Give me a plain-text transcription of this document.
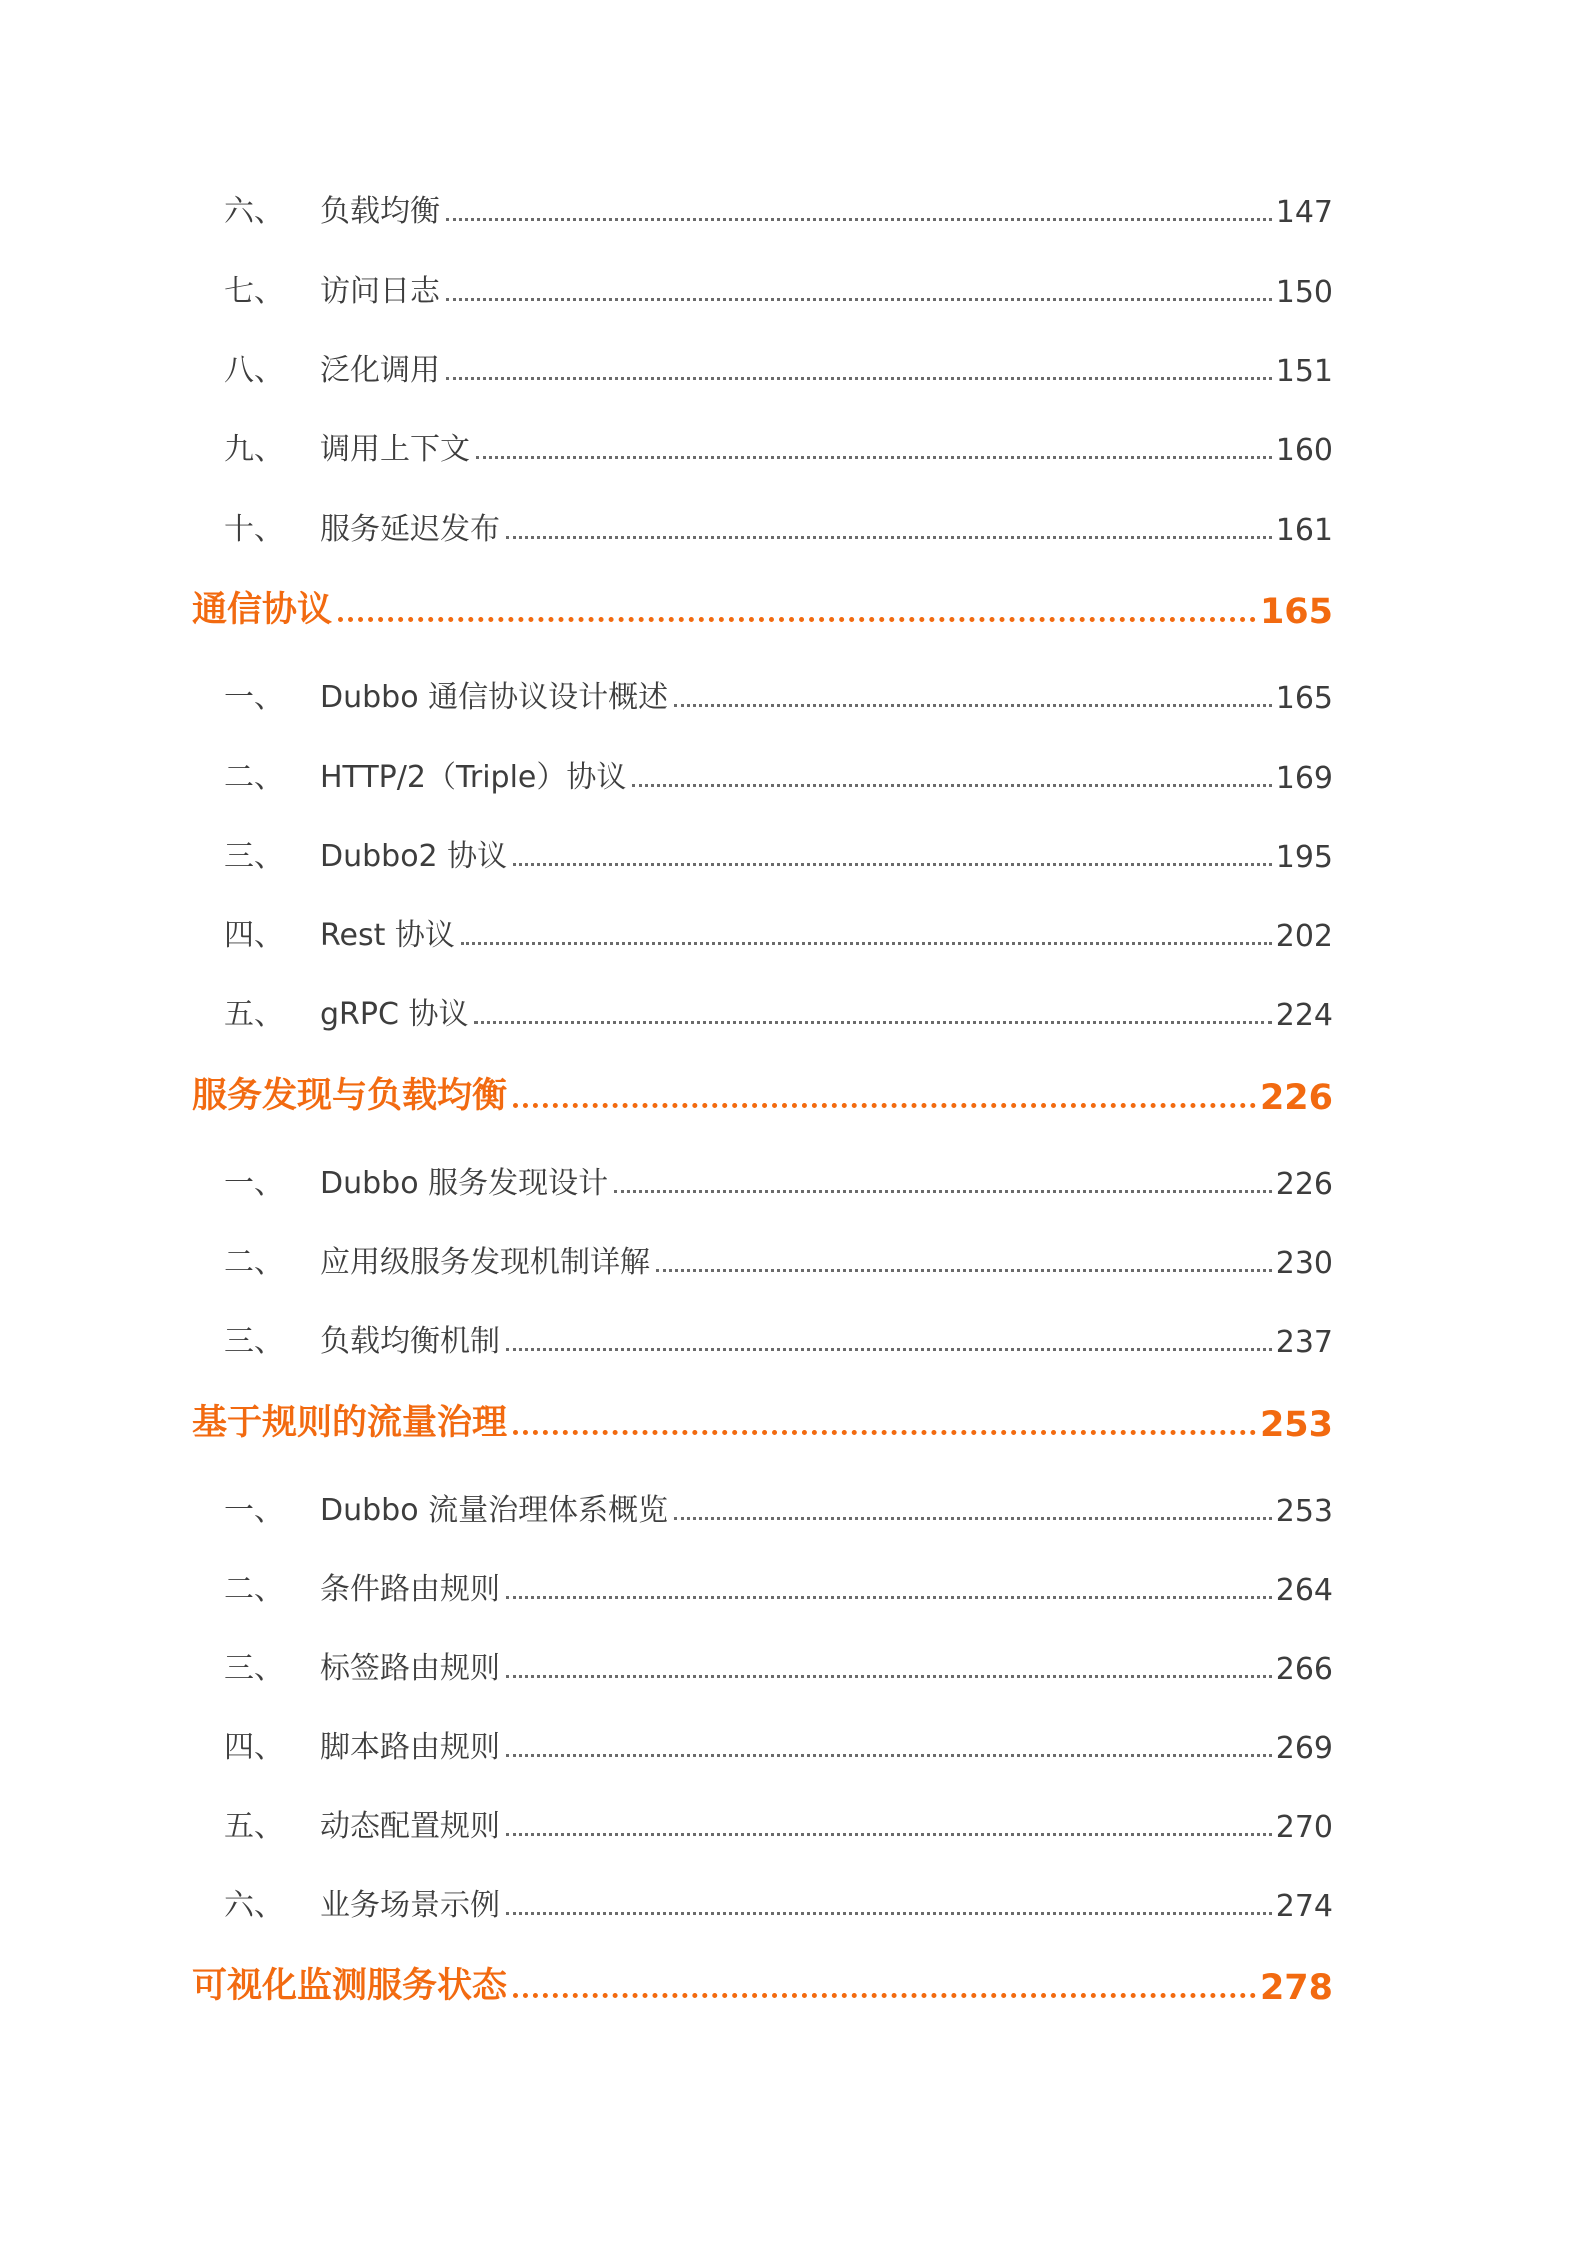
六、	负载均衡	147
七、	访问日志	150
八、	泛化调用	151
九、	调用上下文	160
十、	服务延迟发布	161
通信协议	165
一、	Dubbo 通信协议设计概述	165
二、	HTTP/2（Triple）协议	169
三、	Dubbo2 协议	195
四、	Rest 协议	202
五、	gRPC 协议	224
服务发现与负载均衡	226
一、	Dubbo 服务发现设计	226
二、	应用级服务发现机制详解	230
三、	负载均衡机制	237
基于规则的流量治理	253
一、	Dubbo 流量治理体系概览	253
二、	条件路由规则	264
三、	标签路由规则	266
四、	脚本路由规则	269
五、	动态配置规则	270
六、	业务场景示例	274
可视化监测服务状态	278
